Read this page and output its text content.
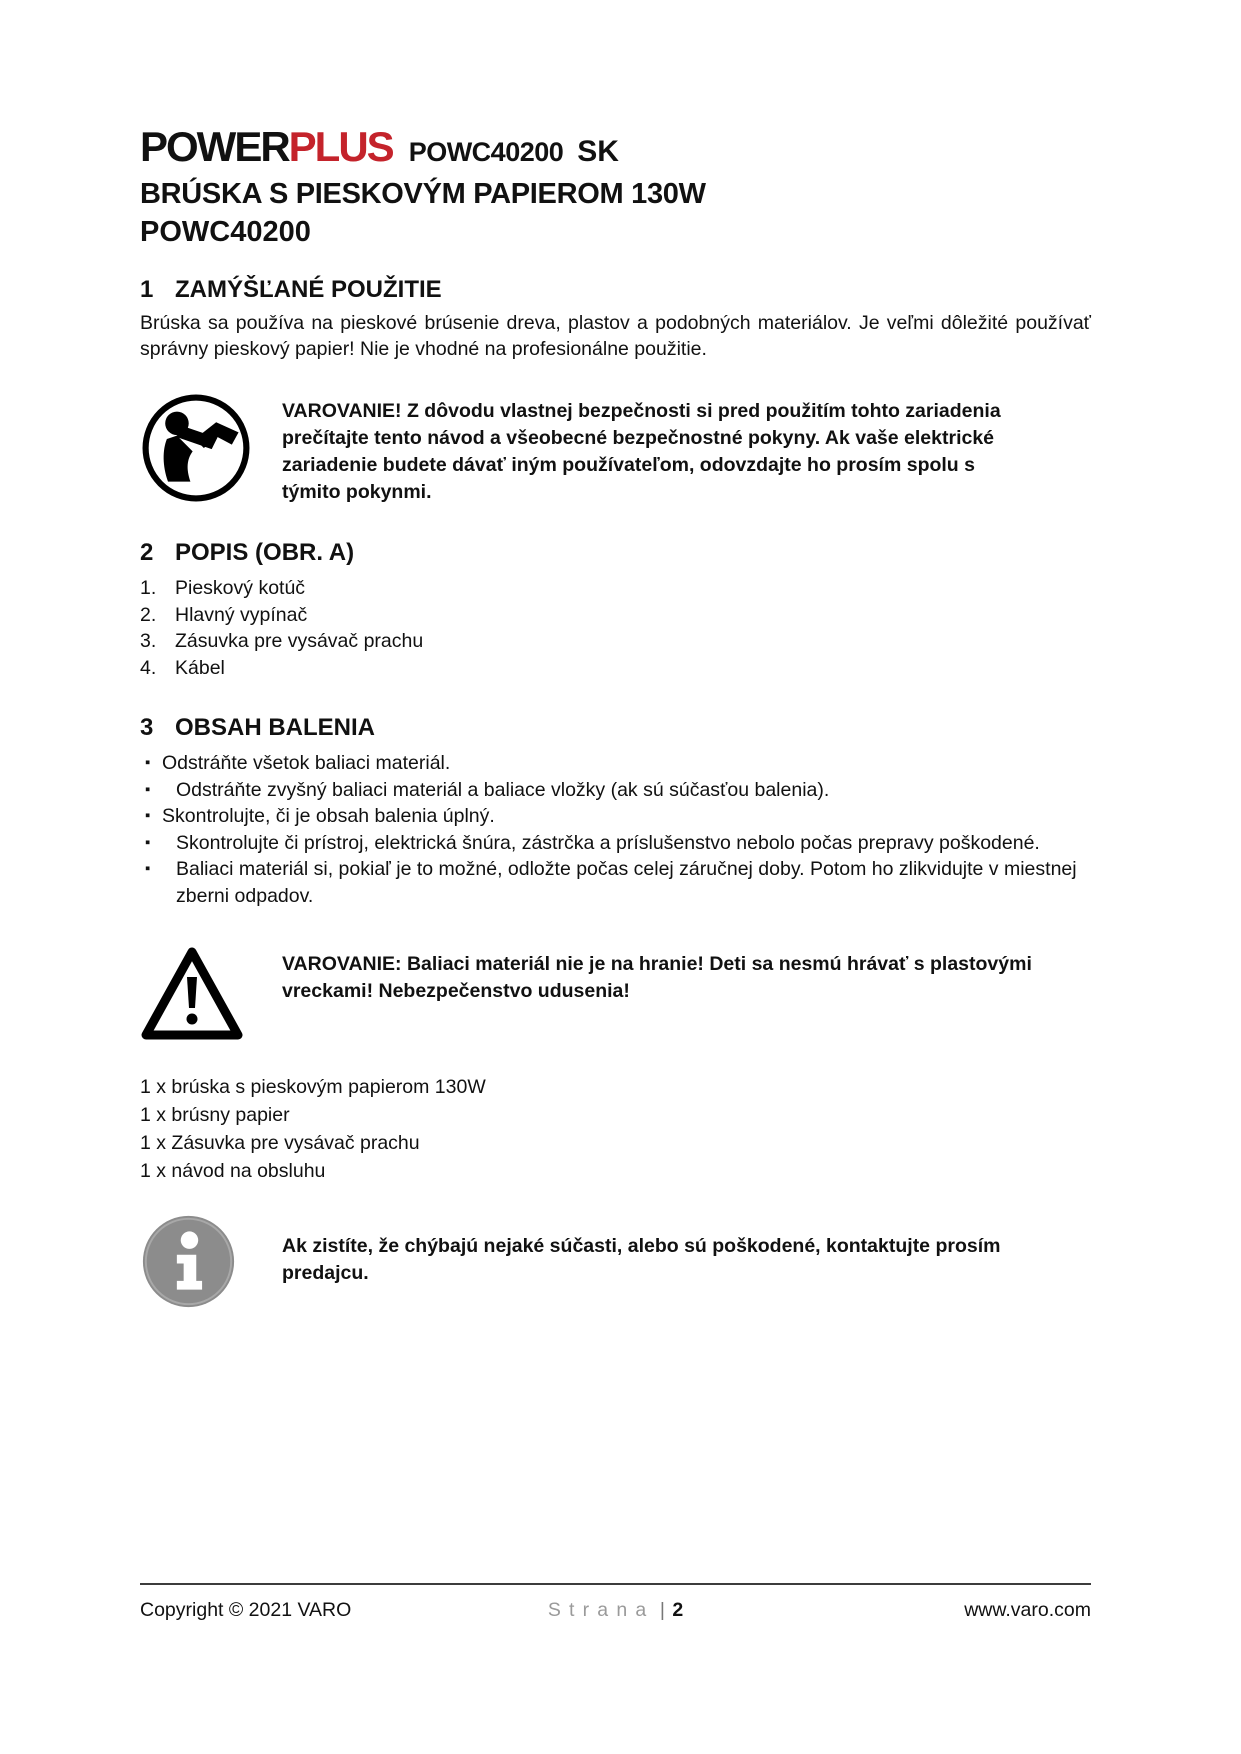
POWER PLUS POWC40200 SK
BRÚSKA S PIESKOVÝM PAPIEROM 130W
POWC40200
1 ZAMÝŠĽANÉ POUŽITIE
Brúska sa používa na pieskové brúsenie dreva, plastov a podobných materiálov. Je veľmi dôležité používať správny pieskový papier! Nie je vhodné na profesionálne použitie.
VAROVANIE! Z dôvodu vlastnej bezpečnosti si pred použitím tohto zariadenia prečítajte tento návod a všeobecné bezpečnostné pokyny. Ak vaše elektrické zariadenie budete dávať iným používateľom, odovzdajte ho prosím spolu s týmito pokynmi.
2 POPIS (OBR. A)
1. Pieskový kotúč
2. Hlavný vypínač
3. Zásuvka pre vysávač prachu
4. Kábel
3 OBSAH BALENIA
▪ Odstráňte všetok baliaci materiál.
▪	Odstráňte zvyšný baliaci materiál a baliace vložky (ak sú súčasťou balenia).
▪ Skontrolujte, či je obsah balenia úplný.
▪	Skontrolujte či prístroj, elektrická šnúra, zástrčka a príslušenstvo nebolo počas prepravy poškodené.
▪	Baliaci materiál si, pokiaľ je to možné, odložte počas celej záručnej doby. Potom ho zlikvidujte v miestnej zberni odpadov.
VAROVANIE: Baliaci materiál nie je na hranie! Deti sa nesmú hrávať s plastovými vreckami! Nebezpečenstvo udusenia!
1 x brúska s pieskovým papierom 130W
1 x brúsny papier
1 x Zásuvka pre vysávač prachu
1 x návod na obsluhu
Ak zistíte, že chýbajú nejaké súčasti, alebo sú poškodené, kontaktujte prosím predajcu.
Copyright © 2021 VARO	Strana | 2	www.varo.com
